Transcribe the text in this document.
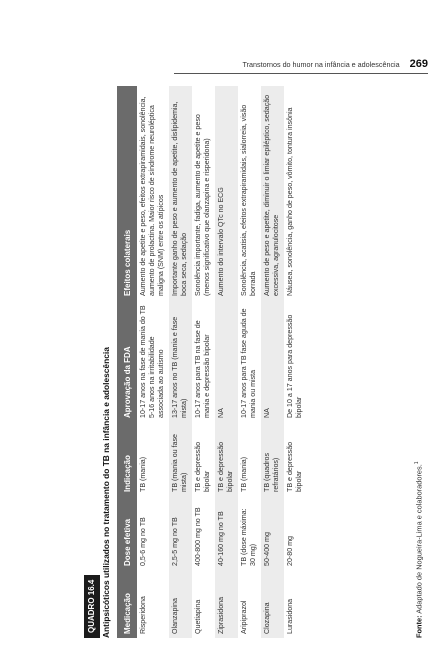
Transtornos do humor na infância e adolescência 269
QUADRO 16.4 Antipsicóticos utilizados no tratamento do TB na infância e adolescência Medicação	Dose efetiva	Indicação	Aprovação da FDA	Efeitos colaterais
Risperidona	0,5-6 mg no TB	TB (mania)	10-17 anos na fase de mania do TB 5-16 anos na irritabilidade associada ao autismo	Aumento de apetite e peso, efeitos extrapiramidais, sonolência, aumento de prolactina. Maior risco de síndrome neuroléptica maligna (SNM) entre os atípicos
Olanzapina	2,5-5 mg no TB	TB (mania ou fase mista)	13-17 anos no TB (mania e fase mista)	Importante ganho de peso e aumento de apetite, dislipidemia, boca seca, sedação
Quetiapina	400-800 mg no TB	TB e depressão bipolar	10-17 anos para TB na fase de mania e depressão bipolar	Sonolência importante, fadiga, aumento de apetite e peso (menos significativo que olanzapina e risperidona)
Ziprasidona	40-160 mg no TB	TB e depressão bipolar	NA	Aumento do intervalo QTc no ECG
Aripiprazol	TB (dose máxima: 30 mg)	TB (mania)	10-17 anos para TB fase aguda de mania ou mista	Sonolência, acatisia, efeitos extrapiramidais, sialorreia, visão borrada
Clozapina	50-400 mg	TB (quadros refratários)	NA	Aumento de peso e apetite, diminuir o limiar epiléptico, sedação excessiva, agranulocitose
Lurasidona	20-80 mg	TB e depressão bipolar	De 10 a 17 anos para depressão bipolar	Náusea, sonolência, ganho de peso, vômito, tontura insônia
Fonte: Adaptado de Nogueira-Lima e colaboradores.$^1$
